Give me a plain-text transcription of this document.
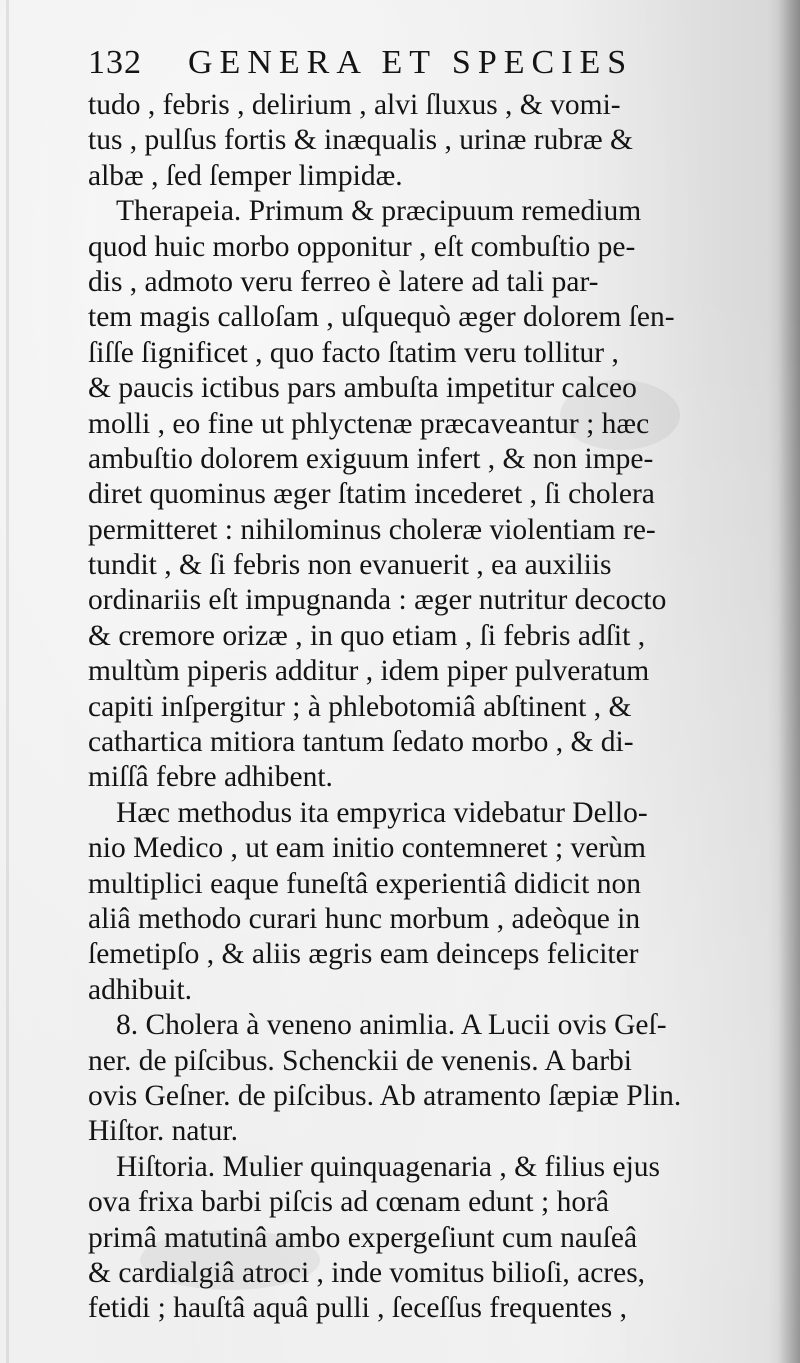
132 GENERA ET SPECIES
tudo , febris , delirium , alvi ſluxus , & vomi-
tus , pulſus fortis & inæqualis , urinæ rubræ &
albæ , ſed ſemper limpidæ.
Therapeia. Primum & præcipuum remedium
quod huic morbo opponitur , eſt combuſtio pe-
dis , admoto veru ferreo è latere ad tali par-
tem magis calloſam , uſquequò æger dolorem ſen-
ſiſſe ſignificet , quo facto ſtatim veru tollitur ,
& paucis ictibus pars ambuſta impetitur calceo
molli , eo fine ut phlyctenæ præcaveantur ; hæc
ambuſtio dolorem exiguum infert , & non impe-
diret quominus æger ſtatim incederet , ſi cholera
permitteret : nihilominus choleræ violentiam re-
tundit , & ſi febris non evanuerit , ea auxiliis
ordinariis eſt impugnanda : æger nutritur decocto
& cremore orizæ , in quo etiam , ſi febris adſit ,
multùm piperis additur , idem piper pulveratum
capiti inſpergitur ; à phlebotomiâ abſtinent , &
cathartica mitiora tantum ſedato morbo , & di-
miſſâ febre adhibent.
Hæc methodus ita empyrica videbatur Dello-
nio Medico , ut eam initio contemneret ; verùm
multiplici eaque funeſtâ experientiâ didicit non
aliâ methodo curari hunc morbum , adeòque in
ſemetipſo , & aliis ægris eam deinceps feliciter
adhibuit.
8. Cholera à veneno animlia. A Lucii ovis Geſ-
ner. de piſcibus. Schenckii de venenis. A barbi
ovis Geſner. de piſcibus. Ab atramento ſæpiæ Plin.
Hiſtor. natur.
Hiſtoria. Mulier quinquagenaria , & filius ejus
ova frixa barbi piſcis ad cœnam edunt ; horâ
primâ matutinâ ambo expergeſiunt cum nauſeâ
& cardialgiâ atroci , inde vomitus bilioſi, acres,
fetidi ; hauſtâ aquâ pulli , ſeceſſus frequentes ,
